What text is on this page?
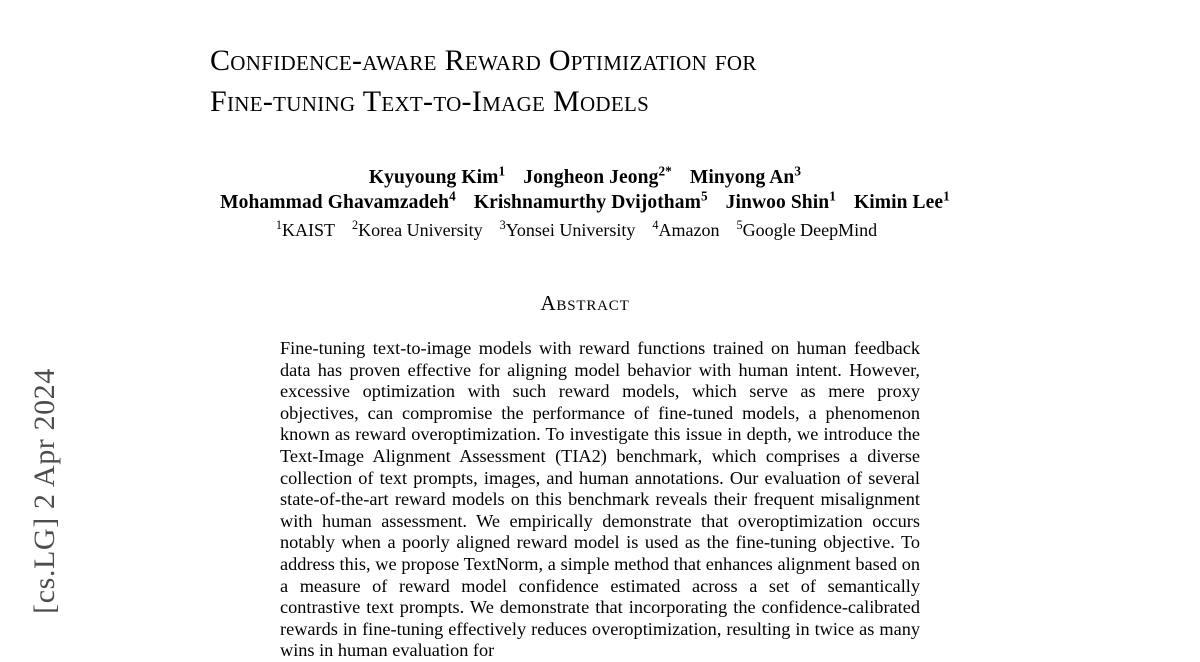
[cs.LG] 2 Apr 2024
Confidence-aware Reward Optimization for
Fine-tuning Text-to-Image Models
Kyuyoung Kim$^1$ Jongheon Jeong$^{2*}$ Minyong An$^3$
Mohammad Ghavamzadeh$^4$ Krishnamurthy Dvijotham$^5$ Jinwoo Shin$^1$ Kimin Lee$^1$
$^1$KAIST $^2$Korea University $^3$Yonsei University $^4$Amazon $^5$Google DeepMind
Abstract

Fine-tuning text-to-image models with reward functions trained on human feedback data has proven effective for aligning model behavior with human intent. However, excessive optimization with such reward models, which serve as mere proxy objectives, can compromise the performance of fine-tuned models, a phenomenon known as reward overoptimization. To investigate this issue in depth, we introduce the Text-Image Alignment Assessment (TIA2) benchmark, which comprises a diverse collection of text prompts, images, and human annotations. Our evaluation of several state-of-the-art reward models on this benchmark reveals their frequent misalignment with human assessment. We empirically demonstrate that overoptimization occurs notably when a poorly aligned reward model is used as the fine-tuning objective. To address this, we propose TextNorm, a simple method that enhances alignment based on a measure of reward model confidence estimated across a set of semantically contrastive text prompts. We demonstrate that incorporating the confidence-calibrated rewards in fine-tuning effectively reduces overoptimization, resulting in twice as many wins in human evaluation for
